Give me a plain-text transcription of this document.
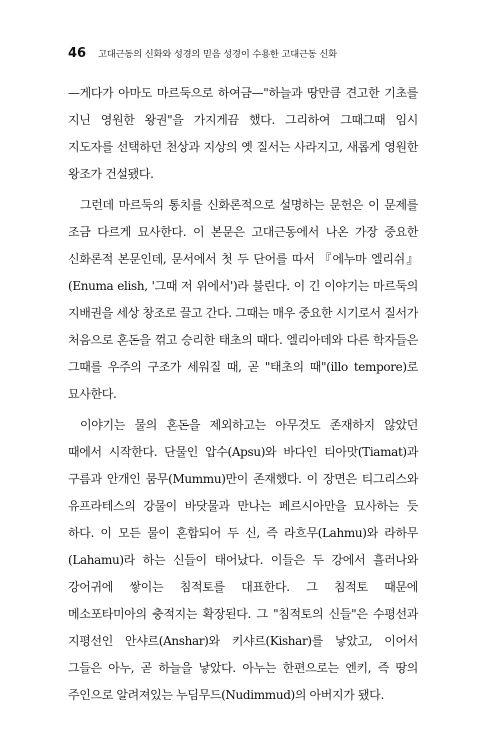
46 고대근동의 신화와 성경의 믿음 성경이 수용한 고대근동 신화

—게다가 아마도 마르둑으로 하여금—"하늘과 땅만큼 견고한 기초를 지닌 영원한 왕권"을 가지게끔 했다. 그리하여 그때그때 임시 지도자를 선택하던 천상과 지상의 옛 질서는 사라지고, 새롭게 영원한 왕조가 건설됐다.

그런데 마르둑의 통치를 신화론적으로 설명하는 문헌은 이 문제를 조금 다르게 묘사한다. 이 본문은 고대근동에서 나온 가장 중요한 신화론적 본문인데, 문서에서 첫 두 단어를 따서 『에누마 엘리쉬』(Enuma elish, '그때 저 위에서')라 불린다. 이 긴 이야기는 마르둑의 지배권을 세상 창조로 끌고 간다. 그때는 매우 중요한 시기로서 질서가 처음으로 혼돈을 꺾고 승리한 태초의 때다. 엘리아데와 다른 학자들은 그때를 우주의 구조가 세워질 때, 곧 "태초의 때"(illo tempore)로 묘사한다.

이야기는 물의 혼돈을 제외하고는 아무것도 존재하지 않았던 때에서 시작한다. 단물인 압수(Apsu)와 바다인 티아맛(Tiamat)과 구름과 안개인 뭄무(Mummu)만이 존재했다. 이 장면은 티그리스와 유프라테스의 강물이 바닷물과 만나는 페르시아만을 묘사하는 듯 하다. 이 모든 물이 혼합되어 두 신, 즉 라흐무(Lahmu)와 라하무(Lahamu)라 하는 신들이 태어났다. 이들은 두 강에서 흘러나와 강어귀에 쌓이는 침적토를 대표한다. 그 침적토 때문에 메소포타미아의 충적지는 확장된다. 그 "침적토의 신들"은 수평선과 지평선인 안샤르(Anshar)와 키샤르(Kishar)를 낳았고, 이어서 그들은 아누, 곧 하늘을 낳았다. 아누는 한편으로는 엔키, 즉 땅의 주인으로 알려져있는 누딤무드(Nudimmud)의 아버지가 됐다.
